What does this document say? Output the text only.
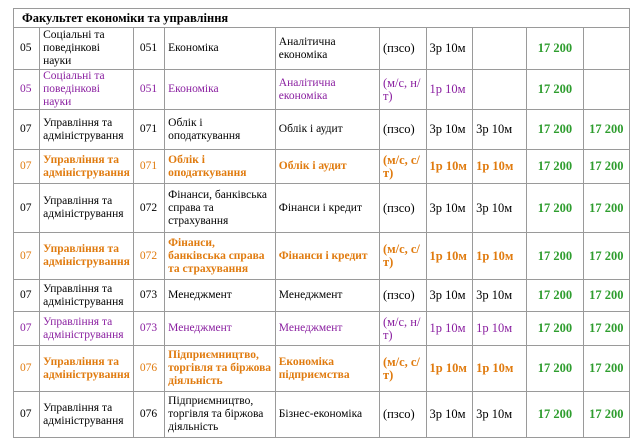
Факультет економіки та управління									
05	Соціальні та поведінкові науки	051	Економіка	Аналітична економіка	(пзсо)	3р 10м		17 200	
05	Соціальні та поведінкові науки	051	Економіка	Аналітична економіка	(м/с, н/т)	1р 10м		17 200	
07	Управління та адміністрування	071	Облік і оподаткування	Облік і аудит	(пзсо)	3р 10м	3р 10м	17 200	17 200
07	Управління та адміністрування	071	Облік і оподаткування	Облік і аудит	(м/с, с/т)	1р 10м	1р 10м	17 200	17 200
07	Управління та адміністрування	072	Фінанси, банківська справа та страхування	Фінанси і кредит	(пзсо)	3р 10м	3р 10м	17 200	17 200
07	Управління та адміністрування	072	Фінанси, банківська справа та страхування	Фінанси і кредит	(м/с, с/т)	1р 10м	1р 10м	17 200	17 200
07	Управління та адміністрування	073	Менеджмент	Менеджмент	(пзсо)	3р 10м	3р 10м	17 200	17 200
07	Управління та адміністрування	073	Менеджмент	Менеджмент	(м/с, н/т)	1р 10м	1р 10м	17 200	17 200
07	Управління та адміністрування	076	Підприємництво, торгівля та біржова діяльність	Економіка підприємства	(м/с, с/т)	1р 10м	1р 10м	17 200	17 200
07	Управління та адміністрування	076	Підприємництво, торгівля та біржова діяльність	Бізнес-економіка	(пзсо)	3р 10м	3р 10м	17 200	17 200
